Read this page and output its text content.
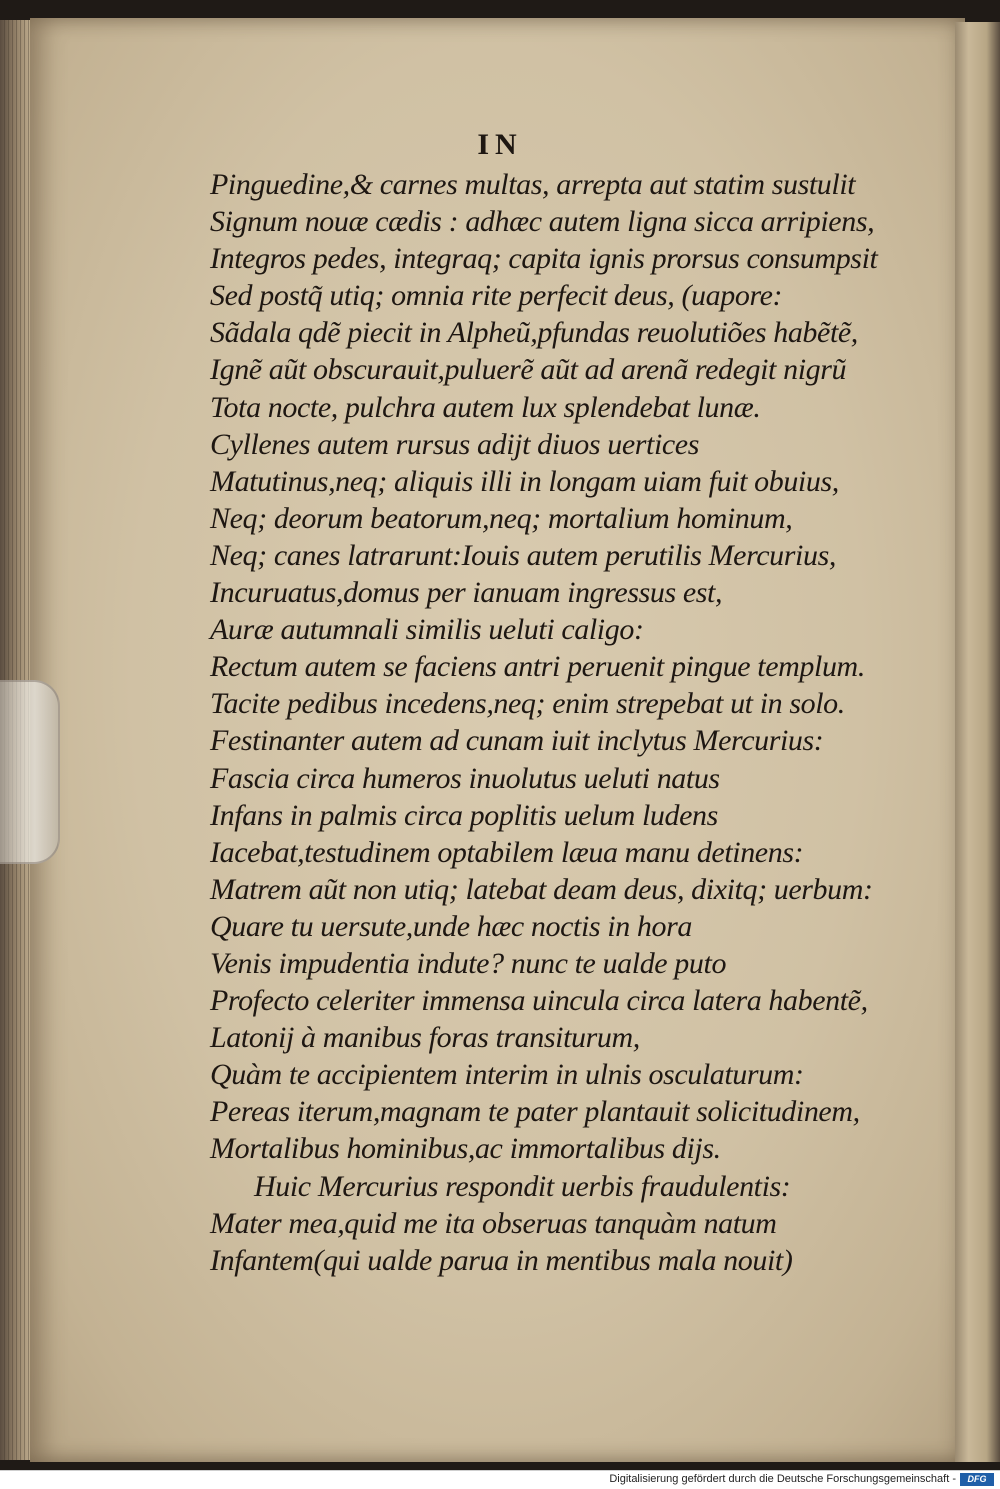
IN
Pinguedine,& carnes multas, arrepta aut statim sustulit
Signum nouæ cædis : adhæc autem ligna sicca arripiens,
Integros pedes, integraq; capita ignis prorsus consumpsit
Sed postq̃ utiq; omnia rite perfecit deus, (uapore:
Sãdala qdẽ piecit in Alpheũ,pfundas reuolutiões habẽtẽ,
Ignẽ aũt obscurauit,puluerẽ aũt ad arenã redegit nigrũ
Tota nocte, pulchra autem lux splendebat lunæ.
Cyllenes autem rursus adijt diuos uertices
Matutinus,neq; aliquis illi in longam uiam fuit obuius,
Neq; deorum beatorum,neq; mortalium hominum,
Neq; canes latrarunt:Iouis autem perutilis Mercurius,
Incuruatus,domus per ianuam ingressus est,
Auræ autumnali similis ueluti caligo:
Rectum autem se faciens antri peruenit pingue templum.
Tacite pedibus incedens,neq; enim strepebat ut in solo.
Festinanter autem ad cunam iuit inclytus Mercurius:
Fascia circa humeros inuolutus ueluti natus
Infans in palmis circa poplitis uelum ludens
Iacebat,testudinem optabilem læua manu detinens:
Matrem aũt non utiq; latebat deam deus, dixitq; uerbum:
Quare tu uersute,unde hæc noctis in hora
Venis impudentia indute? nunc te ualde puto
Profecto celeriter immensa uincula circa latera habentẽ,
Latonij à manibus foras transiturum,
Quàm te accipientem interim in ulnis osculaturum:
Pereas iterum,magnam te pater plantauit solicitudinem,
Mortalibus hominibus,ac immortalibus dijs.
Huic Mercurius respondit uerbis fraudulentis:
Mater mea,quid me ita obseruas tanquàm natum
Infantem(qui ualde parua in mentibus mala nouit)
Digitalisierung gefördert durch die Deutsche Forschungsgemeinschaft -	DFG
